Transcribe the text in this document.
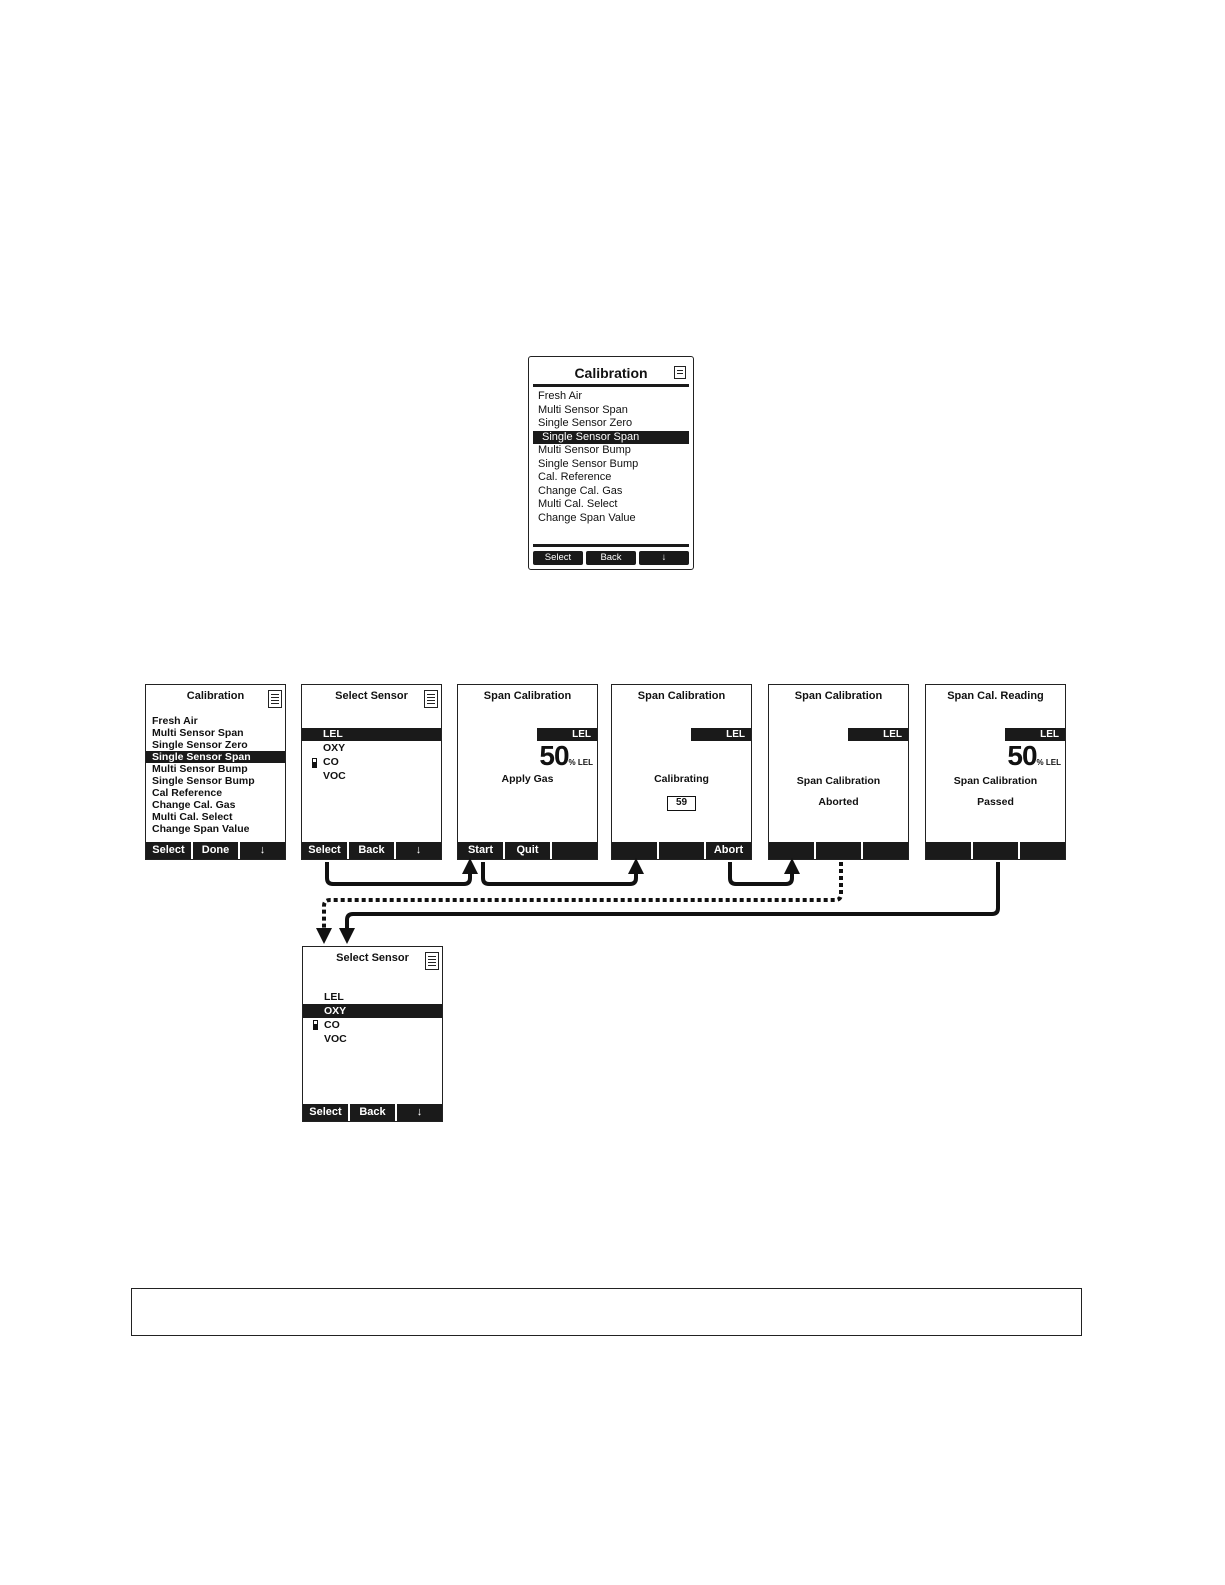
Calibration
Fresh Air
Multi Sensor Span
Single Sensor Zero
Single Sensor Span
Multi Sensor Bump
Single Sensor Bump
Cal. Reference
Change Cal. Gas
Multi Cal. Select
Change Span Value
Select	Back	↓
Calibration
Fresh Air
Multi Sensor Span
Single Sensor Zero
Single Sensor Span
Multi Sensor Bump
Single Sensor Bump
Cal Reference
Change Cal. Gas
Multi Cal. Select
Change Span Value
Select	Done	↓
Select Sensor
LEL
OXY
CO
VOC
Select	Back	↓
Span Calibration
LEL
50% LEL
Apply Gas
Start	Quit
Span Calibration
LEL
Calibrating
59
Abort
Span Calibration
LEL
Span Calibration
Aborted
Span Cal. Reading
LEL
50% LEL
Span Calibration
Passed
Select Sensor
LEL
OXY
CO
VOC
Select	Back	↓
